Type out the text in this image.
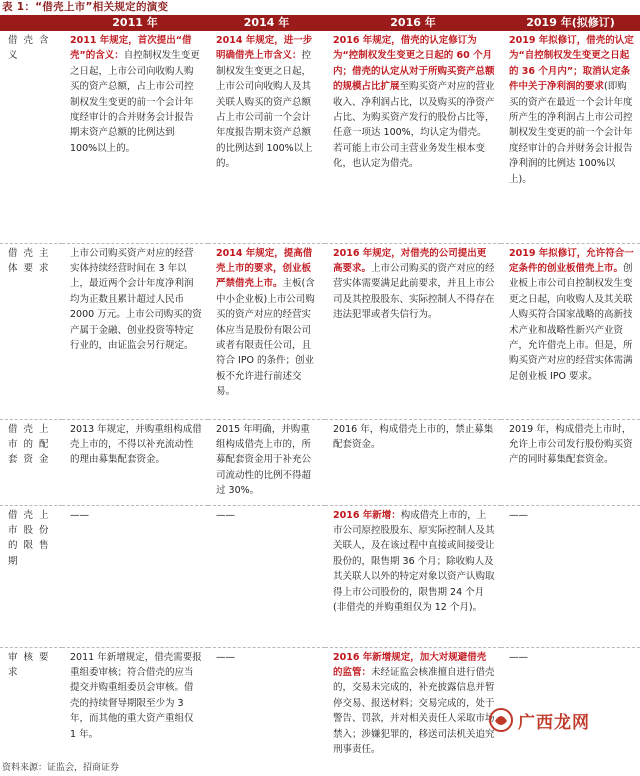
表 1：“借壳上市”相关规定的演变
	2011 年	2014 年	2016 年	2019 年(拟修订)
借壳含义	2011 年规定，首次提出“借壳”的含义：自控制权发生变更之日起，上市公司向收购人购买的资产总额，占上市公司控制权发生变更的前一个会计年度经审计的合并财务会计报告期末资产总额的比例达到 100%以上的。	2014 年规定，进一步明确借壳上市含义：控制权发生变更之日起，上市公司向收购人及其关联人购买的资产总额占上市公司前一个会计年度报告期末资产总额的比例达到 100%以上的。	2016 年规定，借壳的认定修订为为“控制权发生变更之日起的 60 个月内；借壳的认定从对于所购买资产总额的规模占比扩展至购买资产对应的营业收入、净利润占比，以及购买的净资产占比、为购买资产发行的股份占比等，任意一项达 100%，均认定为借壳。若可能上市公司主营业务发生根本变化，也认定为借壳。	2019 年拟修订，借壳的认定为“自控制权发生变更之日起的 36 个月内”；取消认定条件中关于净利润的要求(即购买的资产在最近一个会计年度所产生的净利润占上市公司控制权发生变更的前一个会计年度经审计的合并财务会计报告净利润的比例达 100%以上)。
借壳主体要求	上市公司购买资产对应的经营实体持续经营时间在 3 年以上，最近两个会计年度净利润均为正数且累计超过人民币 2000 万元。上市公司购买的资产属于金融、创业投资等特定行业的，由证监会另行规定。	2014 年规定，提高借壳上市的要求，创业板严禁借壳上市。主板(含中小企业板)上市公司购买的资产对应的经营实体应当是股份有限公司或者有限责任公司，且符合 IPO 的条件；创业板不允许进行前述交易。	2016 年规定，对借壳的公司提出更高要求。上市公司购买的资产对应的经营实体需要满足此前要求，并且上市公司及其控股股东、实际控制人不得存在违法犯罪或者失信行为。	2019 年拟修订，允许符合一定条件的创业板借壳上市。创业板上市公司自控制权发生变更之日起，向收购人及其关联人购买符合国家战略的高新技术产业和战略性新兴产业资产，允许借壳上市。但是，所购买资产对应的经营实体需满足创业板 IPO 要求。
借壳上市的配套资金	2013 年规定，并购重组构成借壳上市的，不得以补充流动性的理由募集配套资金。	2015 年明确，并购重组构成借壳上市的，所募配套资金用于补充公司流动性的比例不得超过 30%。	2016 年，构成借壳上市的，禁止募集配套资金。	2019 年，构成借壳上市时，允许上市公司发行股份购买资产的同时募集配套资金。
借壳上市股份的限售期	——	——	2016 年新增：构成借壳上市的，上市公司原控股股东、原实际控制人及其关联人，及在该过程中直接或间接受让股份的，限售期 36 个月；除收购人及其关联人以外的特定对象以资产认购取得上市公司股份的，限售期 24 个月(非借壳的并购重组仅为 12 个月)。	——
审核要求	2011 年新增规定，借壳需要报重组委审核；符合借壳的应当提交并购重组委员会审核。借壳的持续督导期限至少为 3 年，而其他的重大资产重组仅 1 年。	——	2016 年新增规定，加大对规避借壳的监管：未经证监会核准擅自进行借壳的，交易未完成的，补充披露信息并暂停交易、报送材料；交易完成的，处于警告、罚款，并对相关责任人采取市场禁入；涉嫌犯罪的，移送司法机关追究刑事责任。	——
资料来源：证监会，招商证券
广西龙网
